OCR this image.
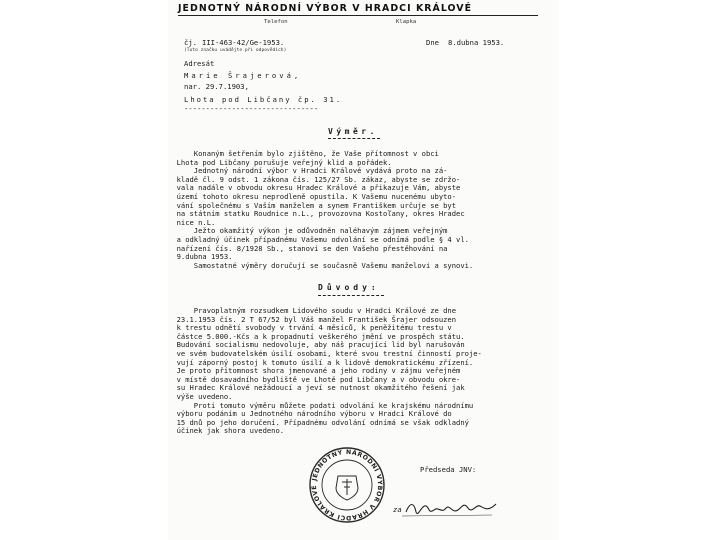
JEDNOTNÝ NÁRODNÍ VÝBOR V HRADCI KRÁLOVÉ
Telefon	Klapka
čj. III-463-42/Ge-1953.
(Tuto značku uvádějte při odpovědích)
Dne 8.dubna 1953.
Adresát
Marie Šrajerová,
nar. 29.7.1903,
Lhota pod Libčany čp. 31.
-------------------------------
Výměr.
Konaným šetřením bylo zjištěno, že Vaše přítomnost v obci
Lhota pod Libčany porušuje veřejný klid a pořádek.
Jednotný národní výbor v Hradci Králové vydává proto na zá-
kladě čl. 9 odst. 1 zákona čís. 125/27 Sb. zákaz, abyste se zdržo-
vala nadále v obvodu okresu Hradec Králové a přikazuje Vám, abyste
území tohoto okresu neprodleně opustila. K Vašemu nucenému ubyto-
vání společnému s Vaším manželem a synem Františkem určuje se byt
na státním statku Roudnice n.L., provozovna Kostoľany, okres Hradec
nice n.L.
Ježto okamžitý výkon je odůvodněn naléhavým zájmem veřejným
a odkladný účinek případnému Vašemu odvolání se odnímá podle § 4 vl.
nařízení čís. 8/1928 Sb., stanoví se den Vašeho přestěhování na
9.dubna 1953.
Samostatné výměry doručují se současně Vašemu manželovi a synovi.
Důvody:
Pravoplatným rozsudkem Lidového soudu v Hradci Králové ze dne
23.1.1953 čís. 2 T 67/52 byl Váš manžel František Šrajer odsouzen
k trestu odnětí svobody v trvání 4 měsíců, k peněžitému trestu v
částce 5.000.-Kčs a k propadnutí veškerého jmění ve prospěch státu.
Budování socialismu nedovoluje, aby náš pracující lid byl narušován
ve svém budovatelském úsilí osobami, které svou trestní činností proje-
vují záporný postoj k tomuto úsilí a k lidově demokratickému zřízení.
Je proto přítomnost shora jmenované a jeho rodiny v zájmu veřejném
v místě dosavadního bydliště ve Lhotě pod Libčany a v obvodu okre-
su Hradec Králové nežádoucí a jeví se nutnost okamžitého řešení jak
výše uvedeno.
Proti tomuto výměru můžete podati odvolání ke krajskému národnímu
výboru podáním u Jednotného národního výboru v Hradci Králové do
15 dnů po jeho doručení. Případnému odvolání odnímá se však odkladný
účinek jak shora uvedeno.
Předseda JNV:
za
JEDNOTNÝ NÁRODNÍ VÝBOR V HRADCI KRÁLOVÉ
